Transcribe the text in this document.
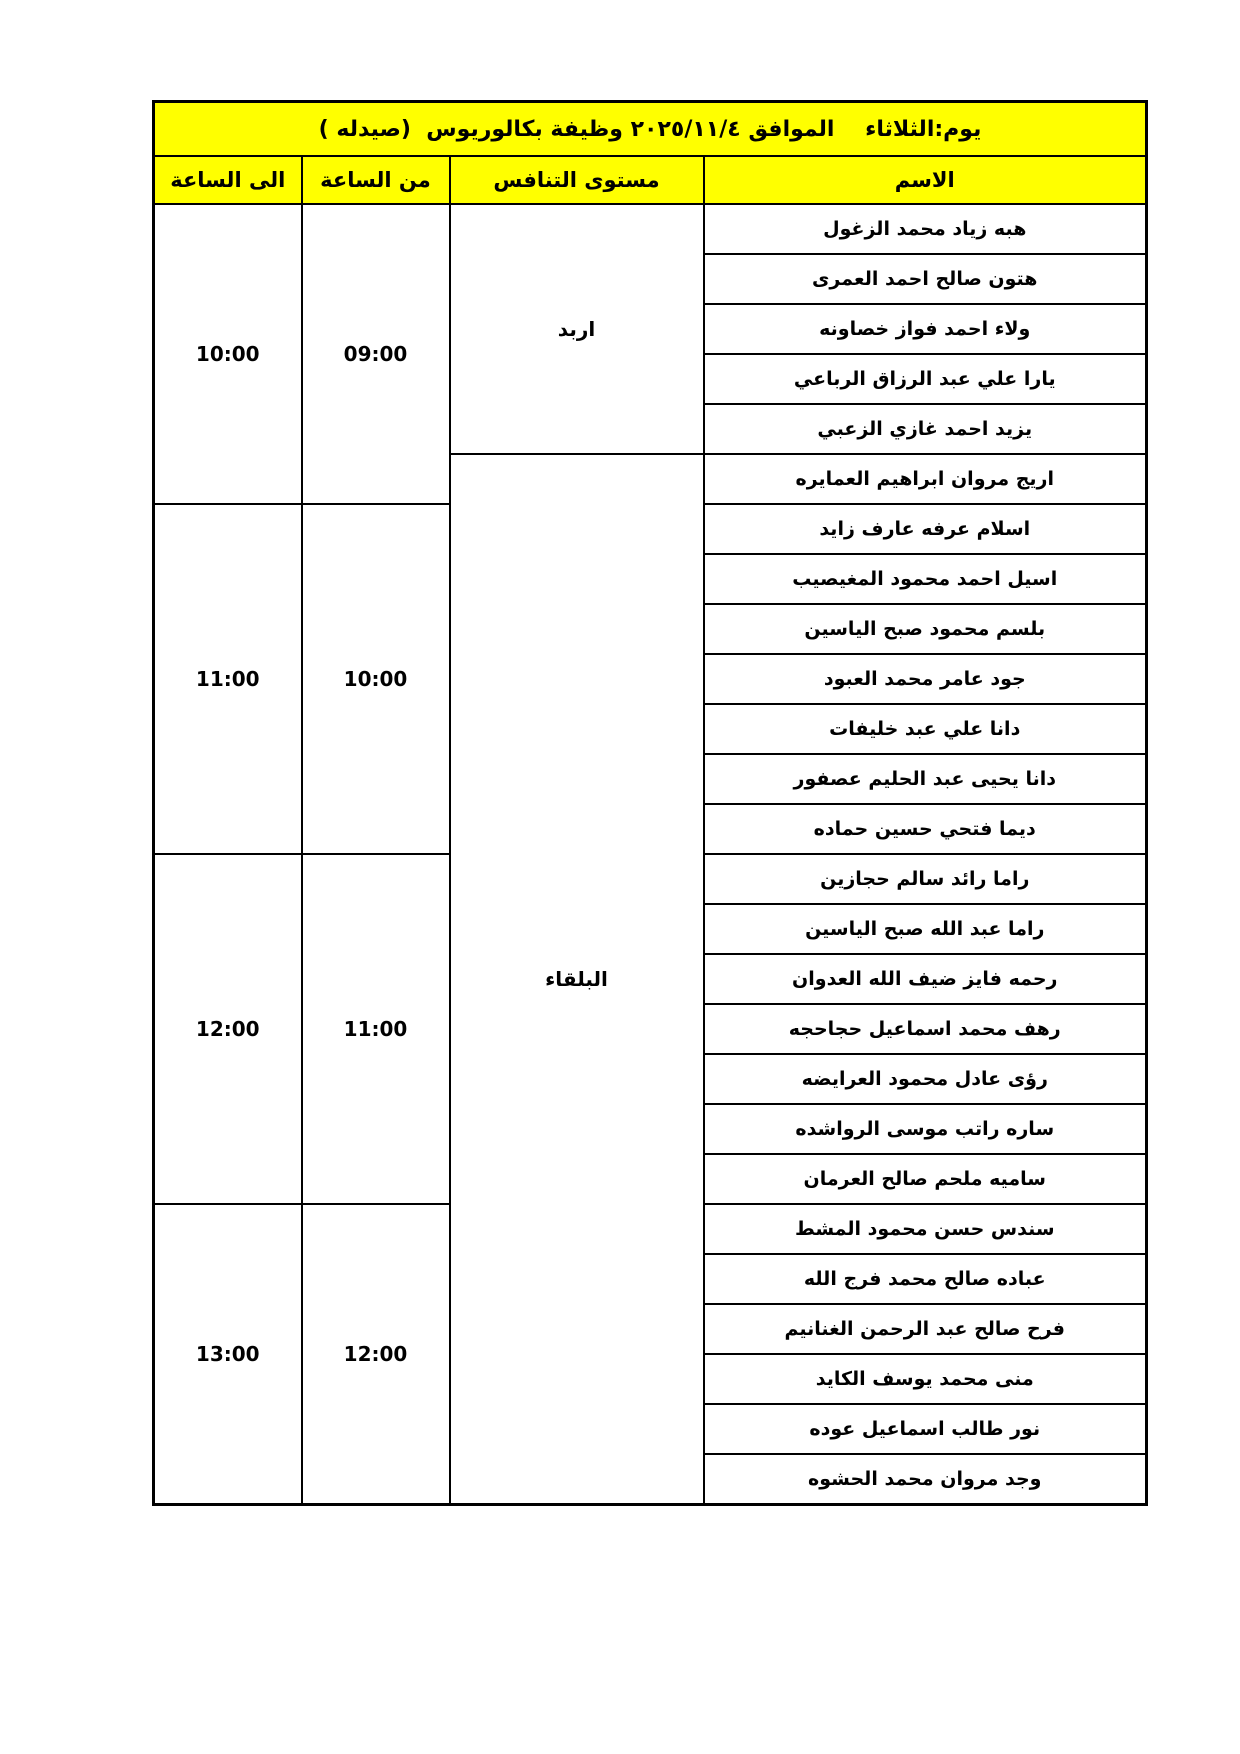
يوم:الثلاثاء    الموافق ٢٠٢٥/١١/٤ وظيفة بكالوريوس  (صيدله )			
الاسم	مستوى التنافس	من الساعة	الى الساعة
هبه زياد محمد الزغول	اربد	09:00	10:00
هتون صالح احمد العمرى			
ولاء احمد فواز خصاونه			
يارا علي عبد الرزاق الرباعي			
يزيد احمد غازي الزعبي			
اريج مروان ابراهيم العمايره	البلقاء		
اسلام عرفه عارف زايد		10:00	11:00
اسيل احمد محمود المغيصيب			
بلسم محمود صبح الياسين			
جود عامر محمد العبود			
دانا علي عبد خليفات			
دانا يحيى عبد الحليم عصفور			
ديما فتحي حسين حماده			
راما رائد سالم حجازين		11:00	12:00
راما عبد الله صبح الياسين			
رحمه فايز ضيف الله العدوان			
رهف محمد اسماعيل حجاحجه			
رؤى عادل محمود العرايضه			
ساره راتب موسى الرواشده			
ساميه ملحم صالح العرمان			
سندس حسن محمود المشط		12:00	13:00
عباده صالح محمد فرج الله			
فرح صالح عبد الرحمن الغنانيم			
منى محمد يوسف الكايد			
نور طالب اسماعيل عوده			
وجد مروان محمد الحشوه			
